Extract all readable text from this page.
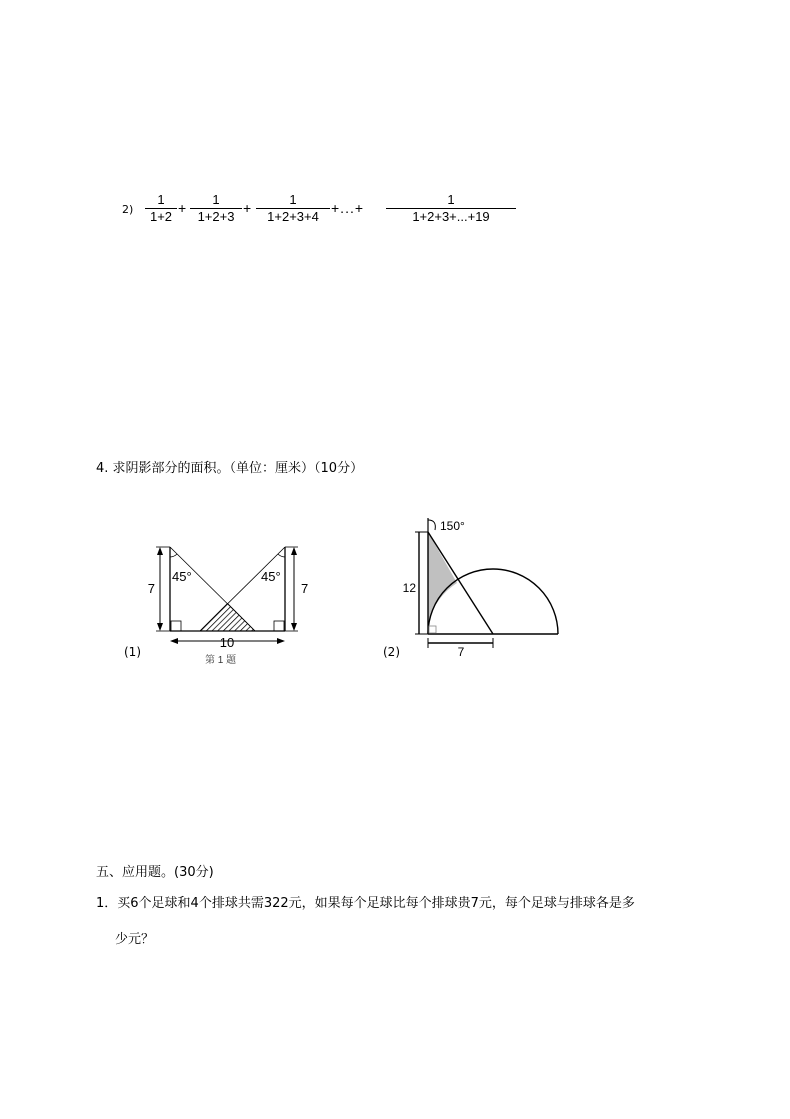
2)
1
1+2
+
1
1+2+3
+
1
1+2+3+4
+...+
1
1+2+3+...+19
4. 求阴影部分的面积。（单位：厘米）（10分）
7	7
10
45°	45°
第 1 题
(1)
12
7
150°
(2)
五、应用题。(30分)
1．买6个足球和4个排球共需322元，如果每个足球比每个排球贵7元，每个足球与排球各是多
少元？
